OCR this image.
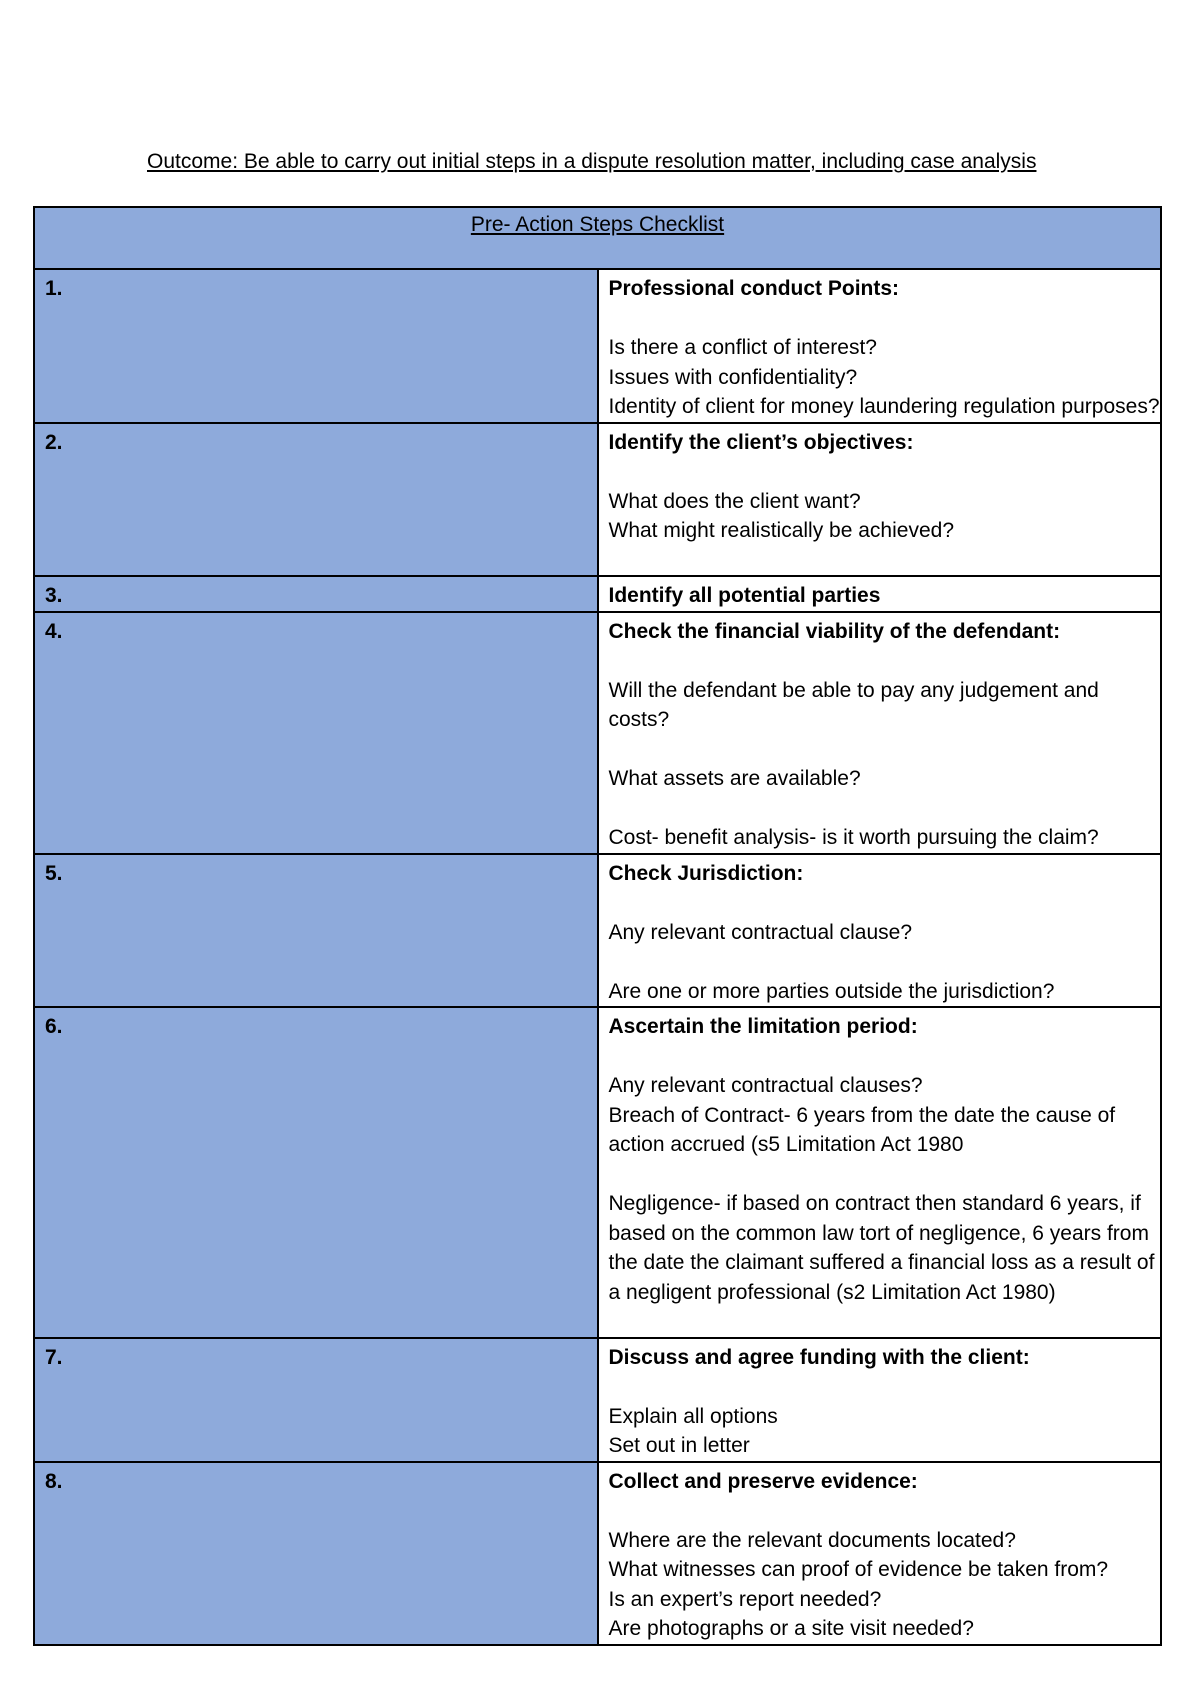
Outcome: Be able to carry out initial steps in a dispute resolution matter, including case analysis
Pre- Action Steps Checklist	
1.	Professional conduct Points:
Is there a conflict of interest?
Issues with confidentiality?
Identity of client for money laundering regulation purposes?

2.	Identify the client’s objectives:
What does the client want?
What might realistically be achieved?

3.	Identify all potential parties

4.	Check the financial viability of the defendant:
Will the defendant be able to pay any judgement and costs?
What assets are available?
Cost- benefit analysis- is it worth pursuing the claim?

5.	Check Jurisdiction:
Any relevant contractual clause?
Are one or more parties outside the jurisdiction?

6.	Ascertain the limitation period:
Any relevant contractual clauses?
Breach of Contract- 6 years from the date the cause of action accrued (s5 Limitation Act 1980
Negligence- if based on contract then standard 6 years, if based on the common law tort of negligence, 6 years from the date the claimant suffered a financial loss as a result of a negligent professional (s2 Limitation Act 1980)

7.	Discuss and agree funding with the client:
Explain all options
Set out in letter

8.	Collect and preserve evidence:
Where are the relevant documents located?
What witnesses can proof of evidence be taken from?
Is an expert’s report needed?
Are photographs or a site visit needed?
